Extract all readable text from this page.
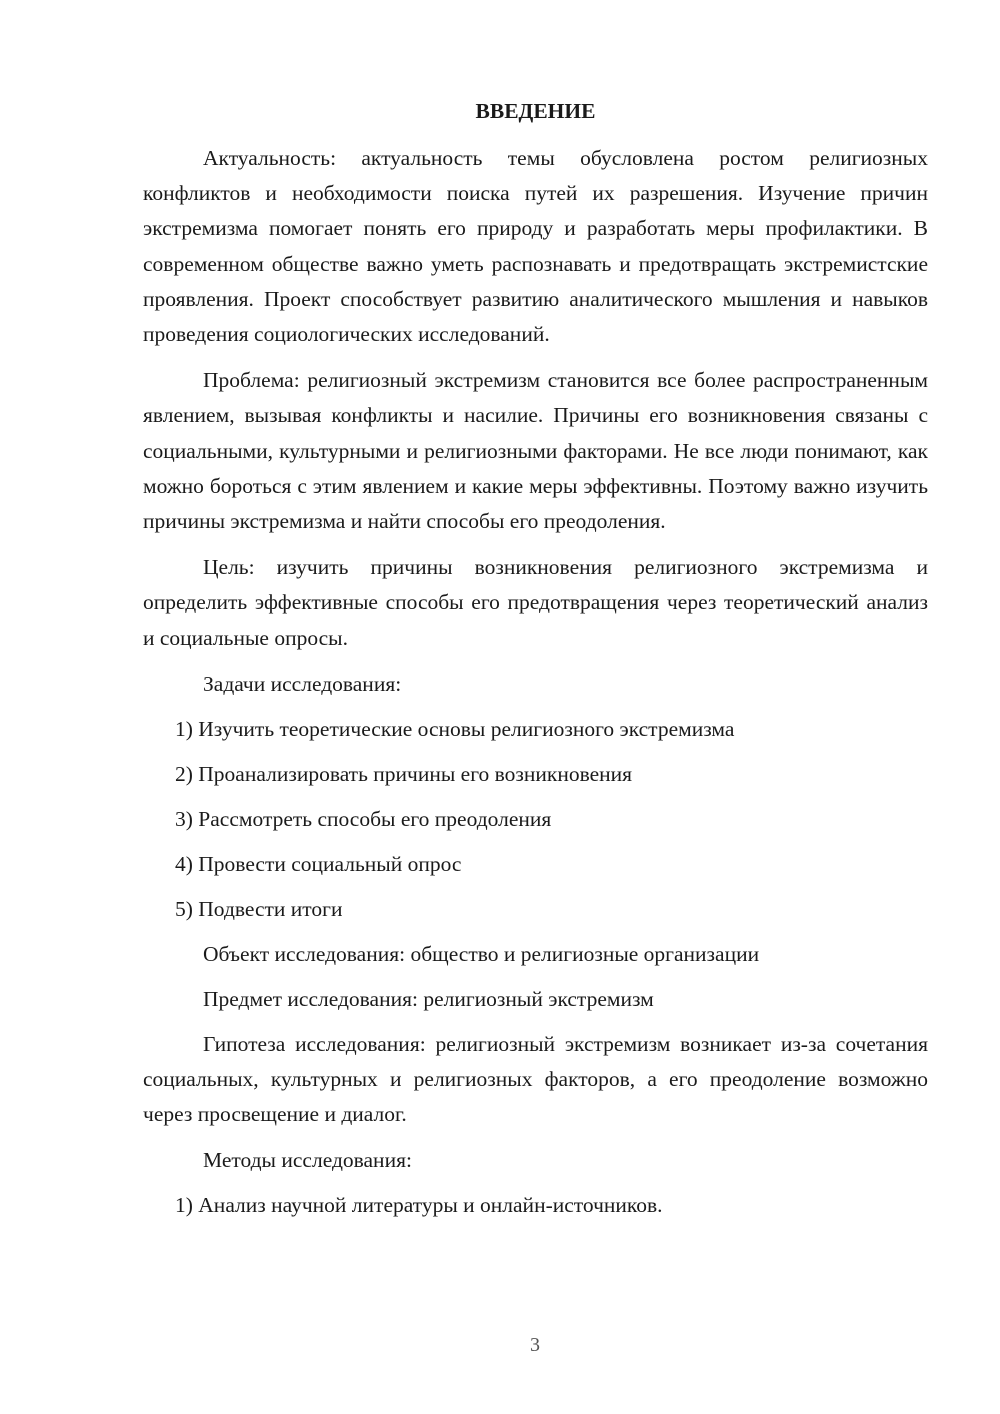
ВВЕДЕНИЕ

Актуальность: актуальность темы обусловлена ростом религиозных конфликтов и необходимости поиска путей их разрешения. Изучение причин экстремизма помогает понять его природу и разработать меры профилактики. В современном обществе важно уметь распознавать и предотвращать экстремистские проявления. Проект способствует развитию аналитического мышления и навыков проведения социологических исследований.

Проблема: религиозный экстремизм становится все более распространенным явлением, вызывая конфликты и насилие. Причины его возникновения связаны с социальными, культурными и религиозными факторами. Не все люди понимают, как можно бороться с этим явлением и какие меры эффективны. Поэтому важно изучить причины экстремизма и найти способы его преодоления.

Цель: изучить причины возникновения религиозного экстремизма и определить эффективные способы его предотвращения через теоретический анализ и социальные опросы.

Задачи исследования:

1) Изучить теоретические основы религиозного экстремизма

2) Проанализировать причины его возникновения

3) Рассмотреть способы его преодоления

4) Провести социальный опрос

5) Подвести итоги

Объект исследования: общество и религиозные организации

Предмет исследования: религиозный экстремизм

Гипотеза исследования: религиозный экстремизм возникает из-за сочетания социальных, культурных и религиозных факторов, а его преодоление возможно через просвещение и диалог.

Методы исследования:

1) Анализ научной литературы и онлайн-источников.

3
